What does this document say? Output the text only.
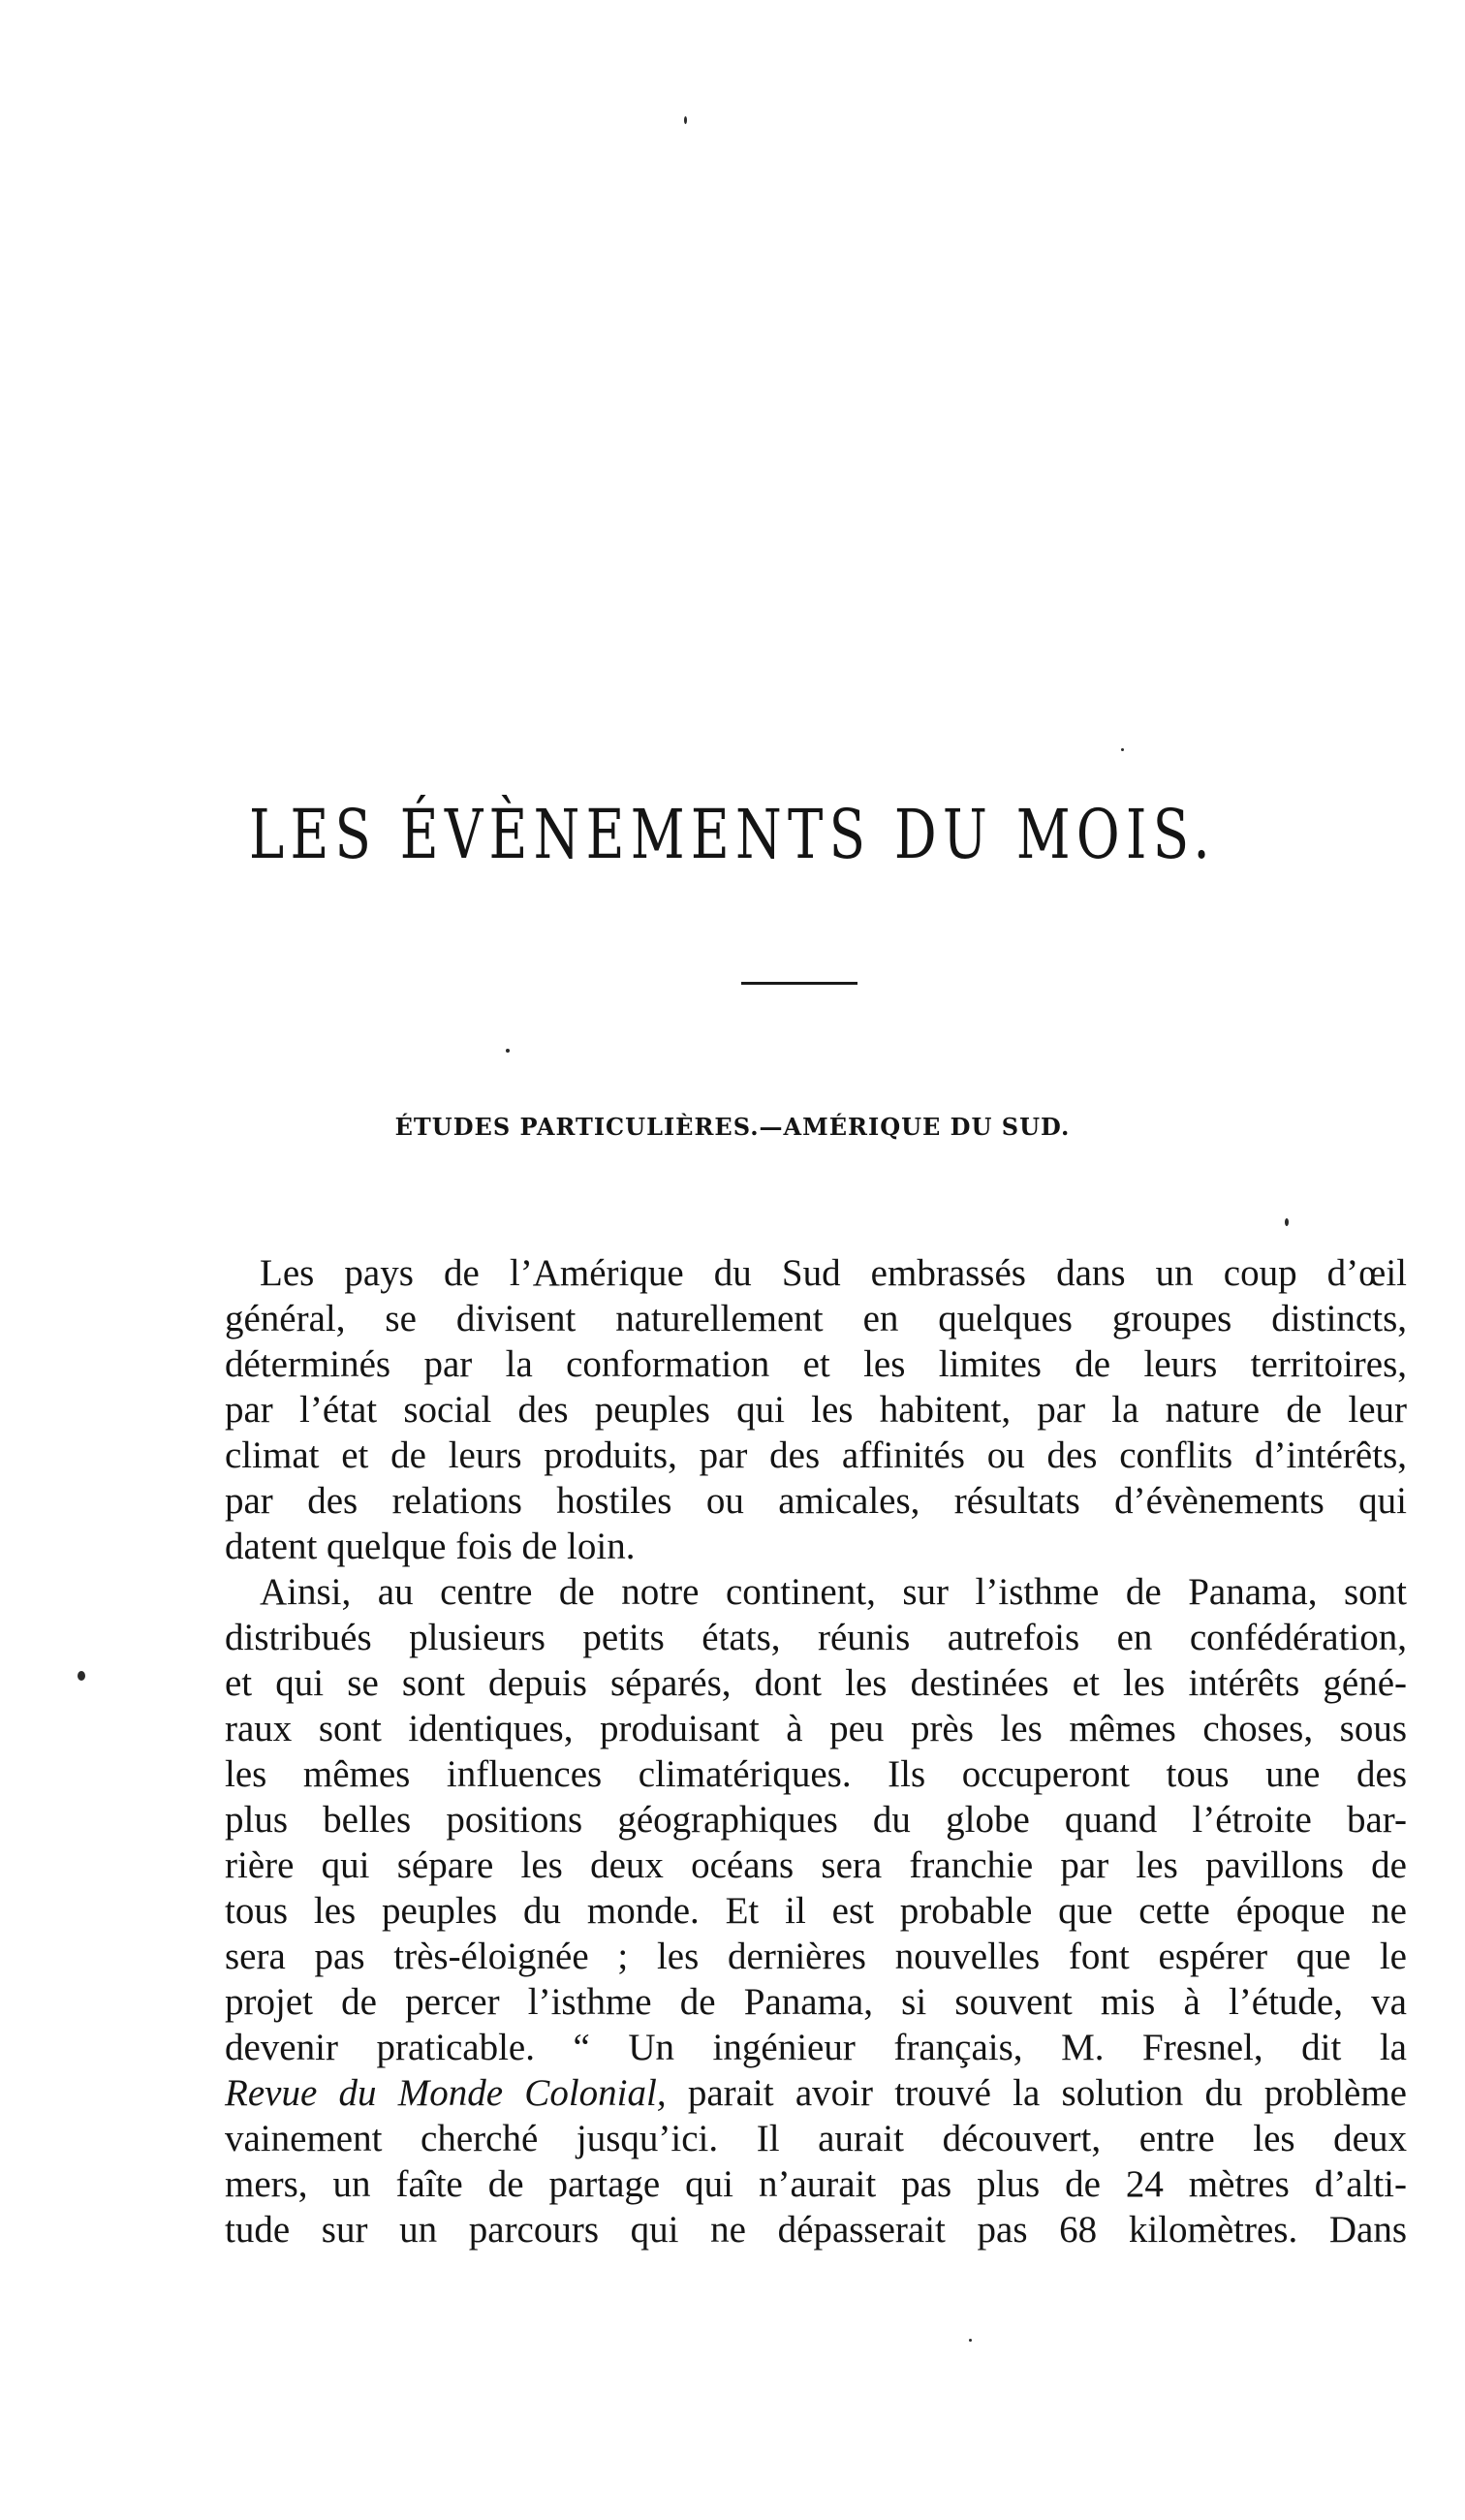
LES ÉVÈNEMENTS DU MOIS.
ÉTUDES PARTICULIÈRES.—AMÉRIQUE DU SUD.
Les pays de l’Amérique du Sud embrassés dans un coup d’œil
général, se divisent naturellement en quelques groupes distincts,
déterminés par la conformation et les limites de leurs territoires,
par l’état social des peuples qui les habitent, par la nature de leur
climat et de leurs produits, par des affinités ou des conflits d’intérêts,
par des relations hostiles ou amicales, résultats d’évènements qui
datent quelque fois de loin.
Ainsi, au centre de notre continent, sur l’isthme de Panama, sont
distribués plusieurs petits états, réunis autrefois en confédération,
et qui se sont depuis séparés, dont les destinées et les intérêts géné-
raux sont identiques, produisant à peu près les mêmes choses, sous
les mêmes influences climatériques. Ils occuperont tous une des
plus belles positions géographiques du globe quand l’étroite bar-
rière qui sépare les deux océans sera franchie par les pavillons de
tous les peuples du monde. Et il est probable que cette époque ne
sera pas très-éloignée ; les dernières nouvelles font espérer que le
projet de percer l’isthme de Panama, si souvent mis à l’étude, va
devenir praticable. “ Un ingénieur français, M. Fresnel, dit la
Revue du Monde Colonial, parait avoir trouvé la solution du problème
vainement cherché jusqu’ici. Il aurait découvert, entre les deux
mers, un faîte de partage qui n’aurait pas plus de 24 mètres d’alti-
tude sur un parcours qui ne dépasserait pas 68 kilomètres. Dans
